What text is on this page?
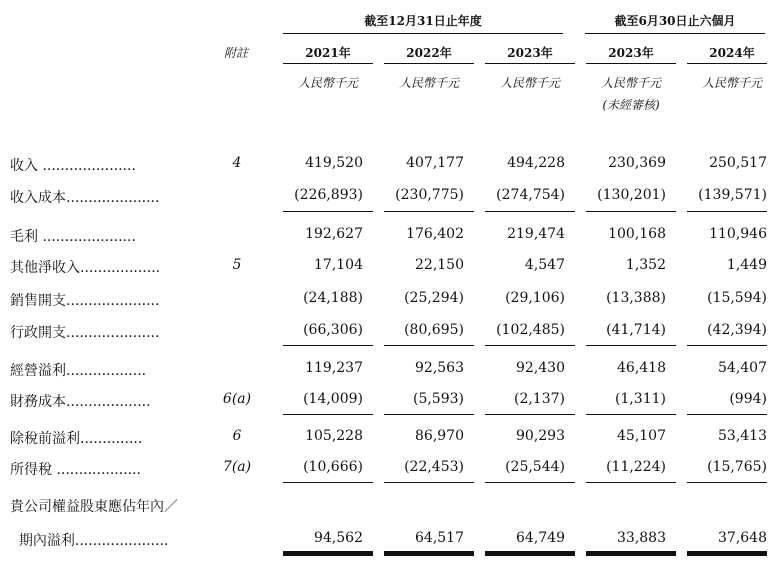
截至12月31日止年度	截至6月30日止六個月
附註	2021年	2022年	2023年	2023年	2024年
人民幣千元	人民幣千元	人民幣千元	人民幣千元	人民幣千元
(未經審核)
收入 .....................	4	419,520	407,177	494,228	230,369	250,517
收入成本.....................	(226,893)	(230,775)	(274,754)	(130,201)	(139,571)
毛利 .....................	192,627	176,402	219,474	100,168	110,946
其他淨收入..................	5	17,104	22,150	4,547	1,352	1,449
銷售開支.....................	(24,188)	(25,294)	(29,106)	(13,388)	(15,594)
行政開支.....................	(66,306)	(80,695)	(102,485)	(41,714)	(42,394)
經營溢利..................	119,237	92,563	92,430	46,418	54,407
財務成本...................	6(a)	(14,009)	(5,593)	(2,137)	(1,311)	(994)
除稅前溢利..............	6	105,228	86,970	90,293	45,107	53,413
所得稅 ...................	7(a)	(10,666)	(22,453)	(25,544)	(11,224)	(15,765)
貴公司權益股東應佔年內／
期內溢利.....................	94,562	64,517	64,749	33,883	37,648
